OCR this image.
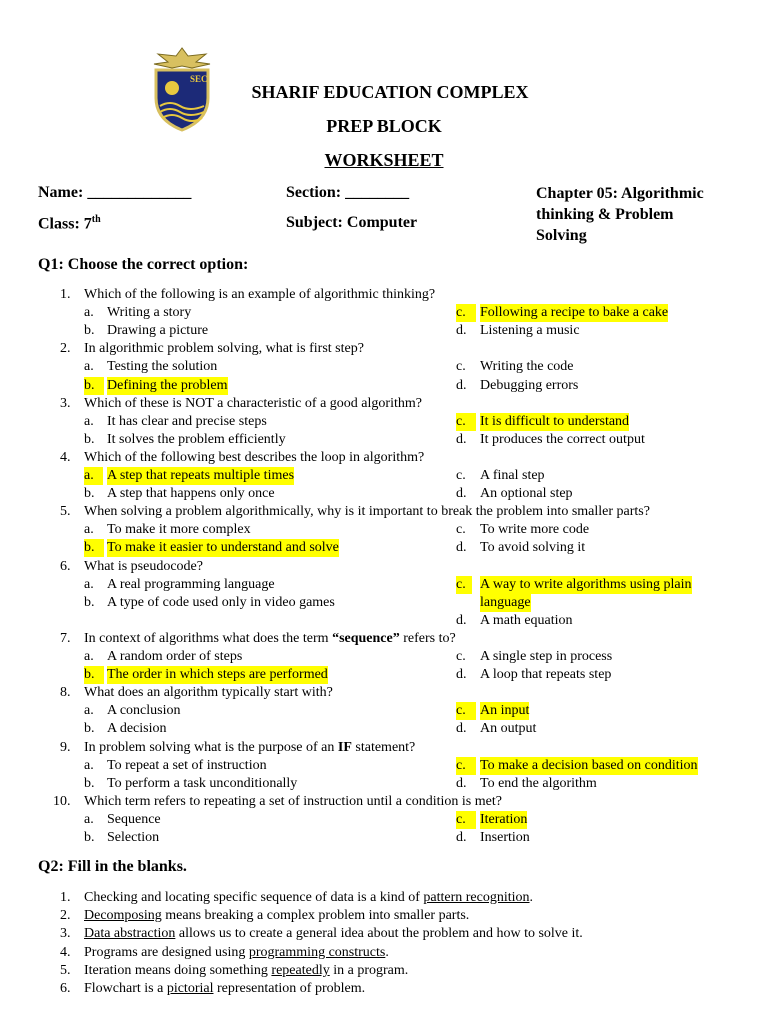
SEC
SHARIF EDUCATION COMPLEX
PREP BLOCK
WORKSHEET
Name: _____________
Class: 7th
Section: ________
Subject: Computer
Chapter 05: Algorithmic
thinking & Problem
Solving
Q1: Choose the correct option:
1. Which of the following is an example of algorithmic thinking?
a. Writing a story
b. Drawing a picture
c.	Following a recipe to bake a cake
d. Listening a music
2. In algorithmic problem solving, what is first step?
a. Testing the solution
b. Defining the problem
c. Writing the code
d. Debugging errors
3. Which of these is NOT a characteristic of a good algorithm?
a. It has clear and precise steps
b. It solves the problem efficiently
c.	It is difficult to understand
d. It produces the correct output
4. Which of the following best describes the loop in algorithm?
a. A step that repeats multiple times
b. A step that happens only once
c. A final step
d. An optional step
5. When solving a problem algorithmically, why is it important to break the problem into smaller parts?
a. To make it more complex
b. To make it easier to understand and solve
c. To write more code
d. To avoid solving it
6. What is pseudocode?
a. A real programming language
b. A type of code used only in video games
c.	A way to write algorithms using plain
language
d. A math equation
7. In context of algorithms what does the term “sequence” refers to?
a. A random order of steps
b. The order in which steps are performed
c. A single step in process
d. A loop that repeats step
8. What does an algorithm typically start with?
a. A conclusion
b. A decision
c.	An input
d. An output
9. In problem solving what is the purpose of an IF statement?
a. To repeat a set of instruction
b. To perform a task unconditionally
c.	To make a decision based on condition
d. To end the algorithm
10. Which term refers to repeating a set of instruction until a condition is met?
a. Sequence
b. Selection
c.	Iteration
d. Insertion
Q2: Fill in the blanks.
1. Checking and locating specific sequence of data is a kind of pattern recognition.
2. Decomposing means breaking a complex problem into smaller parts.
3. Data abstraction allows us to create a general idea about the problem and how to solve it.
4. Programs are designed using programming constructs.
5. Iteration means doing something repeatedly in a program.
6. Flowchart is a pictorial representation of problem.
